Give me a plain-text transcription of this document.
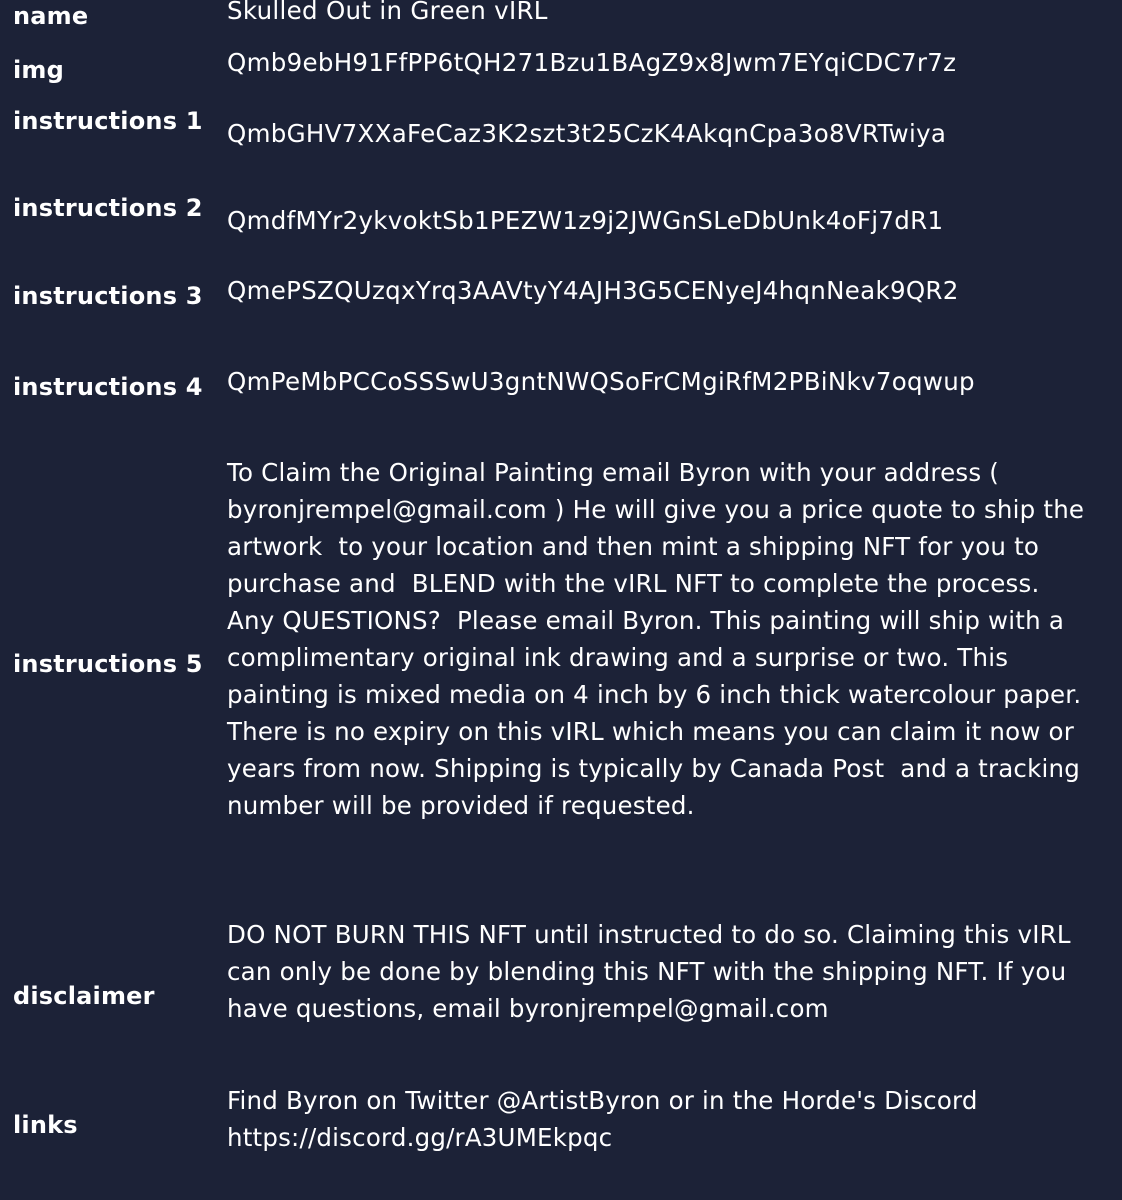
name	Skulled Out in Green vIRL
img	Qmb9ebH91FfPP6tQH271Bzu1BAgZ9x8Jwm7EYqiCDC7r7z
instructions 1 QmbGHV7XXaFeCaz3K2szt3t25CzK4AkqnCpa3o8VRTwiya
instructions 2 QmdfMYr2ykvoktSb1PEZW1z9j2JWGnSLeDbUnk4oFj7dR1
instructions 3 QmePSZQUzqxYrq3AAVtyY4AJH3G5CENyeJ4hqnNeak9QR2
instructions 4 QmPeMbPCCoSSSwU3gntNWQSoFrCMgiRfM2PBiNkv7oqwup
instructions 5
To Claim the Original Painting email Byron with your address ( byronjrempel@gmail.com ) He will give you a price quote to ship the artwork  to your location and then mint a shipping NFT for you to purchase and  BLEND with the vIRL NFT to complete the process. Any QUESTIONS?  Please email Byron. This painting will ship with a complimentary original ink drawing and a surprise or two. This painting is mixed media on 4 inch by 6 inch thick watercolour paper. There is no expiry on this vIRL which means you can claim it now or years from now. Shipping is typically by Canada Post  and a tracking number will be provided if requested.
disclaimer
DO NOT BURN THIS NFT until instructed to do so. Claiming this vIRL can only be done by blending this NFT with the shipping NFT. If you have questions, email byronjrempel@gmail.com
links
Find Byron on Twitter @ArtistByron or in the Horde's Discord https://discord.gg/rA3UMEkpqc
